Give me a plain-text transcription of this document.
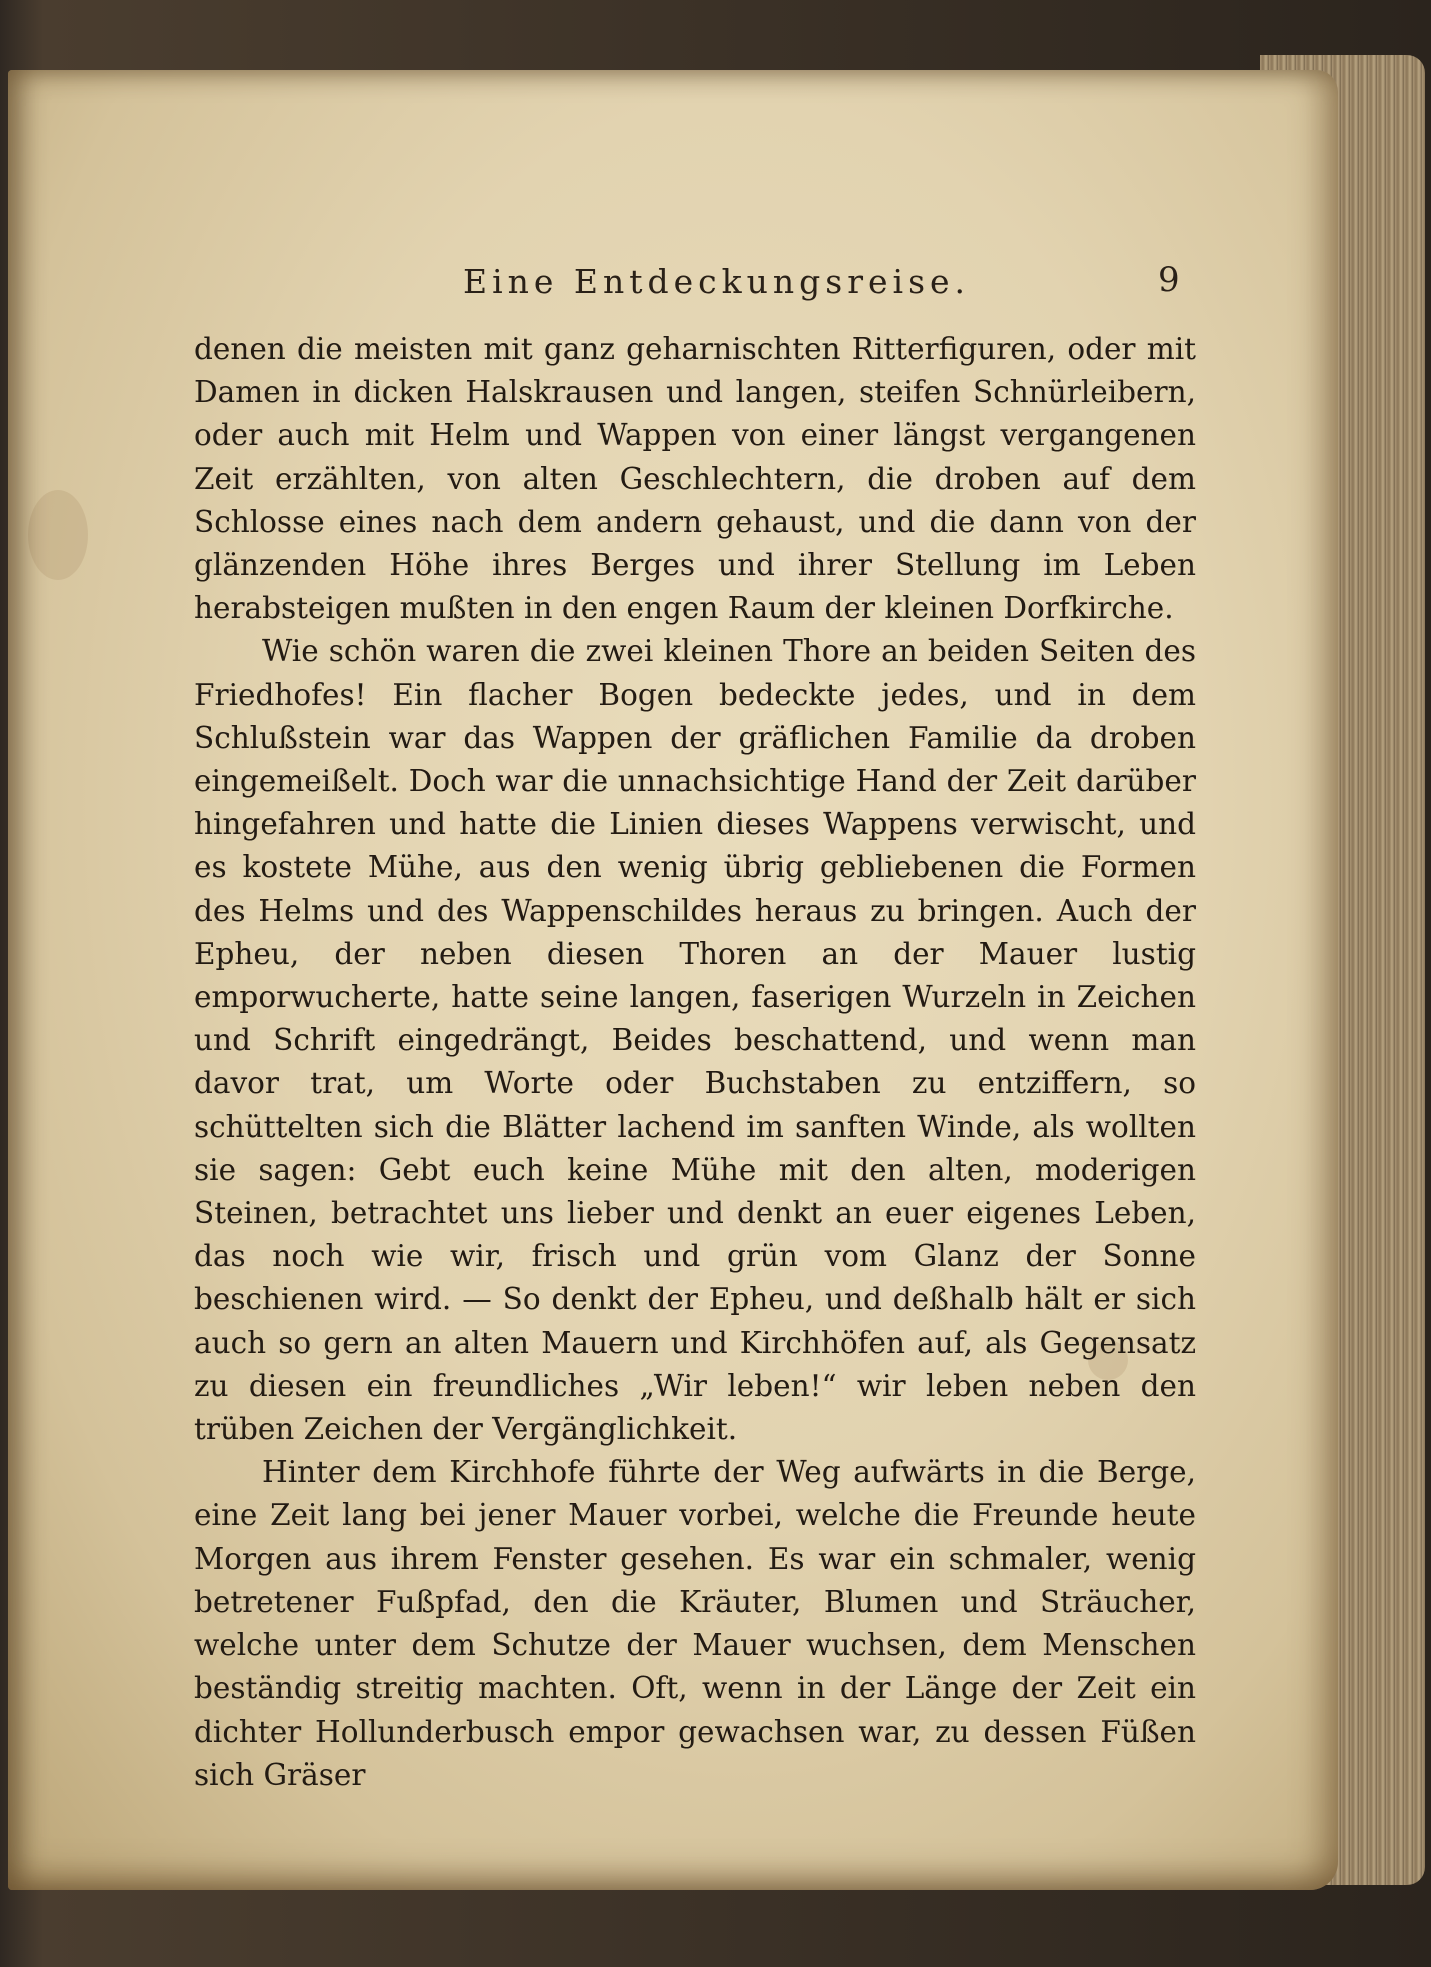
Eine Entdeckungsreise.	9

denen die meisten mit ganz geharnischten Ritterfiguren, oder mit Damen in dicken Halskrausen und langen, steifen Schnürleibern, oder auch mit Helm und Wappen von einer längst vergangenen Zeit erzählten, von alten Geschlechtern, die droben auf dem Schlosse eines nach dem andern gehaust, und die dann von der glänzenden Höhe ihres Berges und ihrer Stellung im Leben herabsteigen mußten in den engen Raum der kleinen Dorfkirche.

Wie schön waren die zwei kleinen Thore an beiden Seiten des Friedhofes! Ein flacher Bogen bedeckte jedes, und in dem Schlußstein war das Wappen der gräflichen Familie da droben eingemeißelt. Doch war die unnachsichtige Hand der Zeit darüber hingefahren und hatte die Linien dieses Wappens verwischt, und es kostete Mühe, aus den wenig übrig gebliebenen die Formen des Helms und des Wappenschildes heraus zu bringen. Auch der Epheu, der neben diesen Thoren an der Mauer lustig emporwucherte, hatte seine langen, faserigen Wurzeln in Zeichen und Schrift eingedrängt, Beides beschattend, und wenn man davor trat, um Worte oder Buchstaben zu entziffern, so schüttelten sich die Blätter lachend im sanften Winde, als wollten sie sagen: Gebt euch keine Mühe mit den alten, moderigen Steinen, betrachtet uns lieber und denkt an euer eigenes Leben, das noch wie wir, frisch und grün vom Glanz der Sonne beschienen wird. — So denkt der Epheu, und deßhalb hält er sich auch so gern an alten Mauern und Kirchhöfen auf, als Gegensatz zu diesen ein freundliches „Wir leben!“ wir leben neben den trüben Zeichen der Vergänglichkeit.

Hinter dem Kirchhofe führte der Weg aufwärts in die Berge, eine Zeit lang bei jener Mauer vorbei, welche die Freunde heute Morgen aus ihrem Fenster gesehen. Es war ein schmaler, wenig betretener Fußpfad, den die Kräuter, Blumen und Sträucher, welche unter dem Schutze der Mauer wuchsen, dem Menschen beständig streitig machten. Oft, wenn in der Länge der Zeit ein dichter Hollunderbusch empor gewachsen war, zu dessen Füßen sich Gräser
